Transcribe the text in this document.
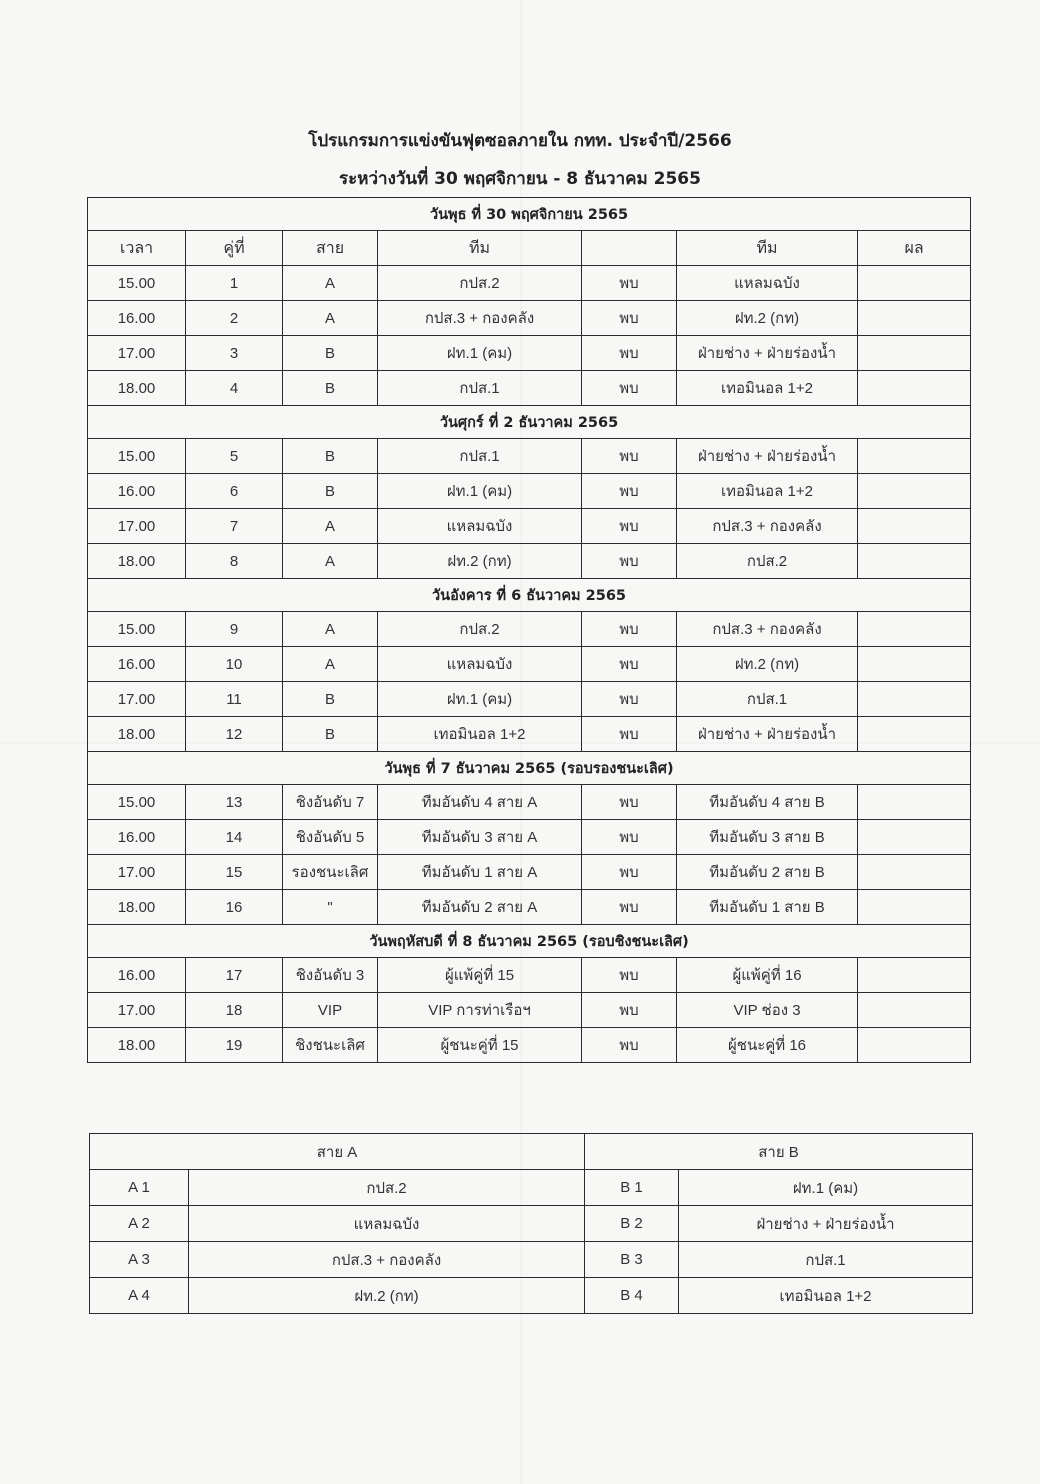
โปรแกรมการแข่งขันฟุตซอลภายใน กทท. ประจำปี/2566
ระหว่างวันที่ 30 พฤศจิกายน - 8 ธันวาคม 2565
วันพุธ ที่ 30 พฤศจิกายน 2565						
เวลา	คู่ที่	สาย	ทีม		ทีม	ผล
15.00	1	A	กปส.2	พบ	แหลมฉบัง	
16.00	2	A	กปส.3 + กองคลัง	พบ	ฝท.2 (กท)	
17.00	3	B	ฝท.1 (คม)	พบ	ฝ่ายช่าง + ฝ่ายร่องน้ำ	
18.00	4	B	กปส.1	พบ	เทอมินอล 1+2	
วันศุกร์ ที่ 2 ธันวาคม 2565						
15.00	5	B	กปส.1	พบ	ฝ่ายช่าง + ฝ่ายร่องน้ำ	
16.00	6	B	ฝท.1 (คม)	พบ	เทอมินอล 1+2	
17.00	7	A	แหลมฉบัง	พบ	กปส.3 + กองคลัง	
18.00	8	A	ฝท.2 (กท)	พบ	กปส.2	
วันอังคาร ที่ 6 ธันวาคม 2565						
15.00	9	A	กปส.2	พบ	กปส.3 + กองคลัง	
16.00	10	A	แหลมฉบัง	พบ	ฝท.2 (กท)	
17.00	11	B	ฝท.1 (คม)	พบ	กปส.1	
18.00	12	B	เทอมินอล 1+2	พบ	ฝ่ายช่าง + ฝ่ายร่องน้ำ	
วันพุธ ที่ 7 ธันวาคม 2565 (รอบรองชนะเลิศ)						
15.00	13	ชิงอันดับ 7	ทีมอันดับ 4 สาย A	พบ	ทีมอันดับ 4 สาย B	
16.00	14	ชิงอันดับ 5	ทีมอันดับ 3 สาย A	พบ	ทีมอันดับ 3 สาย B	
17.00	15	รองชนะเลิศ	ทีมอันดับ 1 สาย A	พบ	ทีมอันดับ 2 สาย B	
18.00	16	"	ทีมอันดับ 2 สาย A	พบ	ทีมอันดับ 1 สาย B	
วันพฤหัสบดี ที่ 8 ธันวาคม 2565 (รอบชิงชนะเลิศ)						
16.00	17	ชิงอันดับ 3	ผู้แพ้คู่ที่ 15	พบ	ผู้แพ้คู่ที่ 16	
17.00	18	VIP	VIP การท่าเรือฯ	พบ	VIP ช่อง 3	
18.00	19	ชิงชนะเลิศ	ผู้ชนะคู่ที่ 15	พบ	ผู้ชนะคู่ที่ 16	
สาย A		สาย B	
A 1	กปส.2	B 1	ฝท.1 (คม)
A 2	แหลมฉบัง	B 2	ฝ่ายช่าง + ฝ่ายร่องน้ำ
A 3	กปส.3 + กองคลัง	B 3	กปส.1
A 4	ฝท.2 (กท)	B 4	เทอมินอล 1+2
